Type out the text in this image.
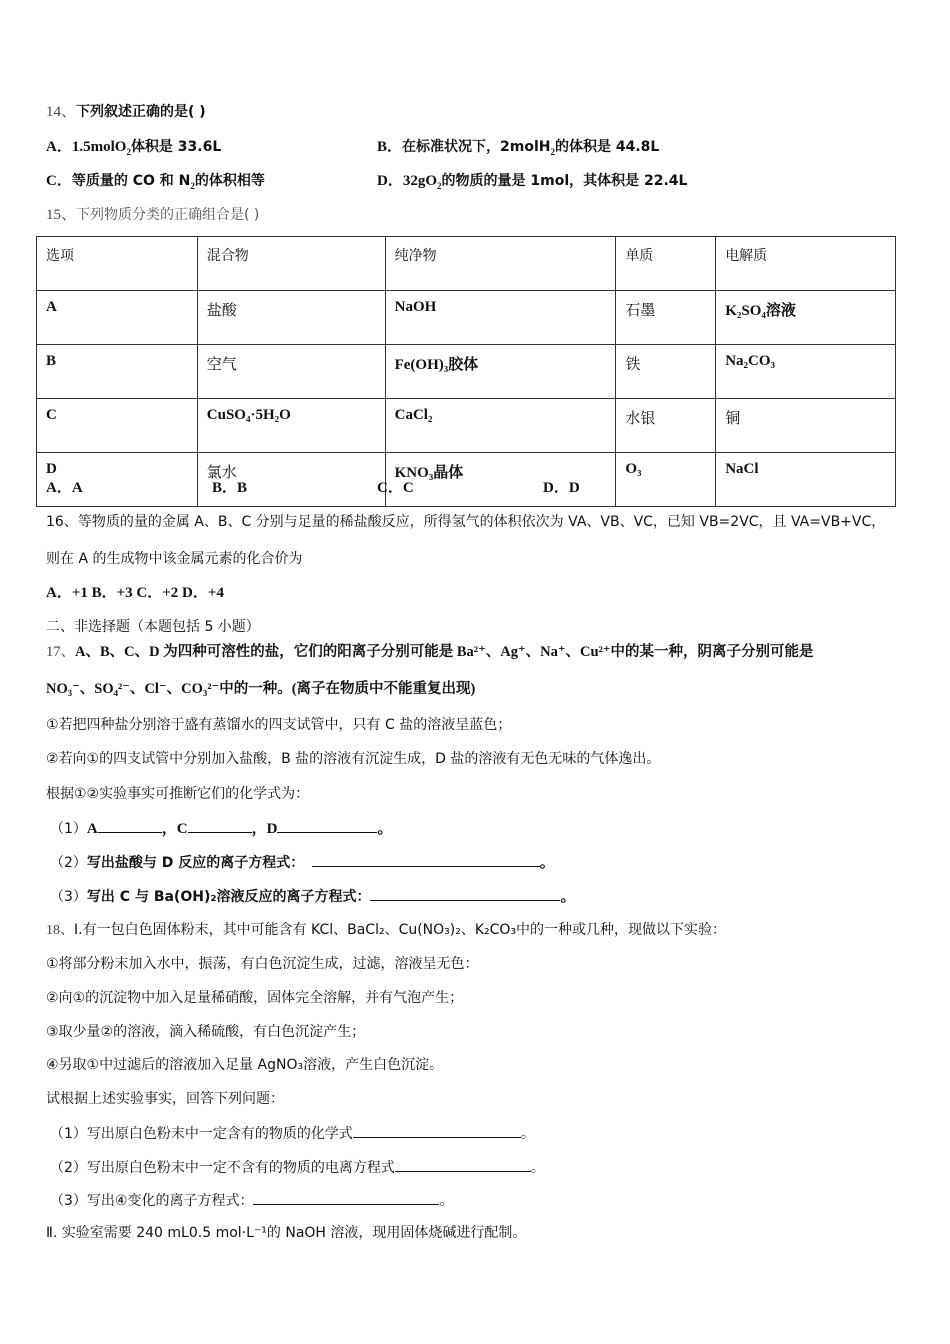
14、下列叙述正确的是( )
A．1.5molO$_2$体积是 33.6L	B．在标准状况下，2molH$_2$的体积是 44.8L
C．等质量的 CO 和 $N_2$的体积相等	D．$32gO_2$的物质的量是 1mol，其体积是 22.4L
15、下列物质分类的正确组合是( )
选项	混合物	纯净物	单质	电解质
A	盐酸	NaOH	石墨	K₂SO₄溶液
B	空气	Fe(OH)₃胶体	铁	Na₂CO₃
C	CuSO₄·5H₂O	CaCl₂	水银	铜
D	氯水	KNO₃晶体	O₃	NaCl
A．A	B．B	C．C	D．D
16、等物质的量的金属 A、B、C 分别与足量的稀盐酸反应，所得氢气的体积依次为 VA、VB、VC，已知 VB=2VC，且 VA=VB+VC，
则在 A 的生成物中该金属元素的化合价为
A．+1 B．+3 C．+2 D．+4
二、非选择题（本题包括 5 小题）
17、A、B、C、D 为四种可溶性的盐，它们的阳离子分别可能是 Ba²⁺、Ag⁺、Na⁺、Cu²⁺中的某一种，阴离子分别可能是
NO₃⁻、SO₄²⁻、Cl⁻、CO₃²⁻中的一种。(离子在物质中不能重复出现)
①若把四种盐分别溶于盛有蒸馏水的四支试管中，只有 C 盐的溶液呈蓝色；
②若向①的四支试管中分别加入盐酸，B 盐的溶液有沉淀生成，D 盐的溶液有无色无味的气体逸出。
根据①②实验事实可推断它们的化学式为：
（1）A	，C	，D	。
（2）写出盐酸与 D 反应的离子方程式：	。
（3）写出 C 与 Ba(OH)₂溶液反应的离子方程式：	。
18、Ⅰ.有一包白色固体粉末，其中可能含有 KCl、BaCl₂、Cu(NO₃)₂、K₂CO₃中的一种或几种，现做以下实验：
①将部分粉末加入水中，振荡，有白色沉淀生成，过滤，溶液呈无色：
②向①的沉淀物中加入足量稀硝酸，固体完全溶解，并有气泡产生；
③取少量②的溶液，滴入稀硫酸，有白色沉淀产生；
④另取①中过滤后的溶液加入足量 AgNO₃溶液，产生白色沉淀。
试根据上述实验事实，回答下列问题：
（1）写出原白色粉末中一定含有的物质的化学式	。
（2）写出原白色粉末中一定不含有的物质的电离方程式	。
（3）写出④变化的离子方程式：	。
Ⅱ. 实验室需要 240 mL0.5 mol·L⁻¹的 NaOH 溶液，现用固体烧碱进行配制。
